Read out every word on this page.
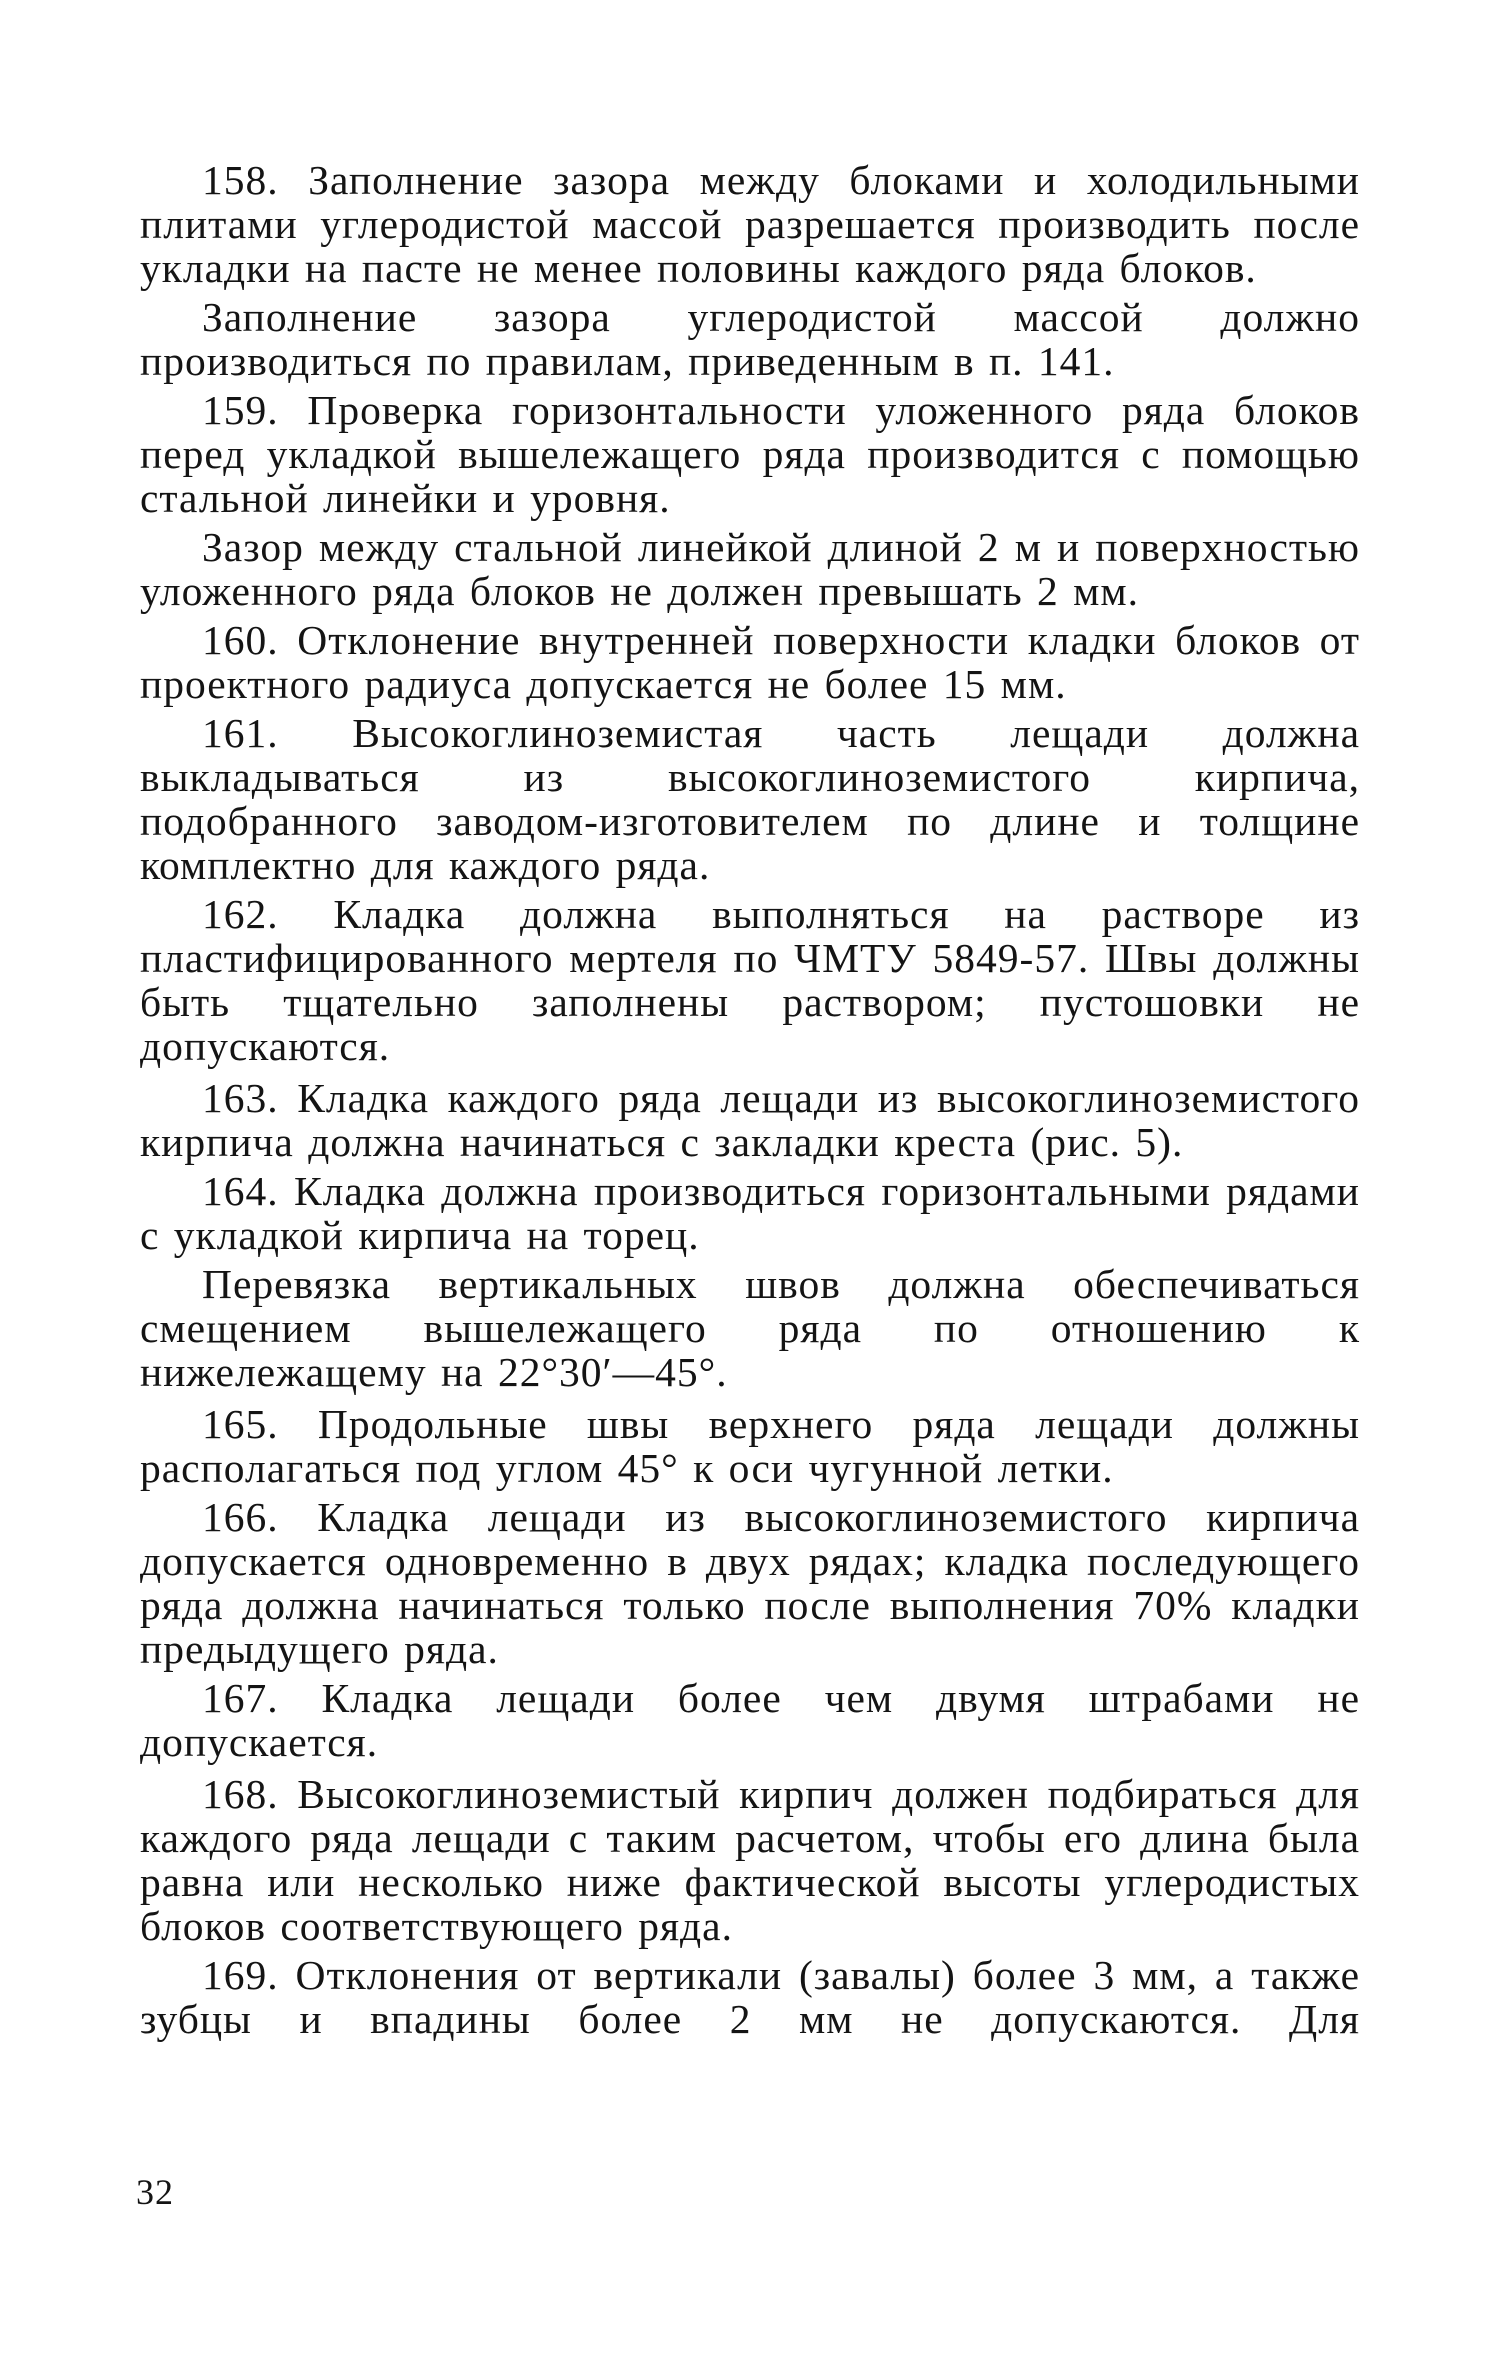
158. Заполнение зазора между блоками и холодильными плитами углеродистой массой разрешается производить после укладки на пасте не менее половины каждого ряда блоков.

Заполнение зазора углеродистой массой должно производиться по правилам, приведенным в п. 141.

159. Проверка горизонтальности уложенного ряда блоков перед укладкой вышележащего ряда производится с помощью стальной линейки и уровня.

Зазор между стальной линейкой длиной 2 м и поверхностью уложенного ряда блоков не должен превышать 2 мм.

160. Отклонение внутренней поверхности кладки блоков от проектного радиуса допускается не более 15 мм.

161. Высокоглиноземистая часть лещади должна выкладываться из высокоглиноземистого кирпича, подобранного заводом-изготовителем по длине и толщине комплектно для каждого ряда.

162. Кладка должна выполняться на растворе из пластифицированного мертеля по ЧМТУ 5849-57. Швы должны быть тщательно заполнены раствором; пустошовки не допускаются.

163. Кладка каждого ряда лещади из высокоглиноземистого кирпича должна начинаться с закладки креста (рис. 5).

164. Кладка должна производиться горизонтальными рядами с укладкой кирпича на торец.

Перевязка вертикальных швов должна обеспечиваться смещением вышележащего ряда по отношению к нижележащему на 22°30′—45°.

165. Продольные швы верхнего ряда лещади должны располагаться под углом 45° к оси чугунной летки.

166. Кладка лещади из высокоглиноземистого кирпича допускается одновременно в двух рядах; кладка последующего ряда должна начинаться только после выполнения 70% кладки предыдущего ряда.

167. Кладка лещади более чем двумя штрабами не допускается.

168. Высокоглиноземистый кирпич должен подбираться для каждого ряда лещади с таким расчетом, чтобы его длина была равна или несколько ниже фактической высоты углеродистых блоков соответствующего ряда.

169. Отклонения от вертикали (завалы) более 3 мм, а также зубцы и впадины более 2 мм не допускаются. Для

32
